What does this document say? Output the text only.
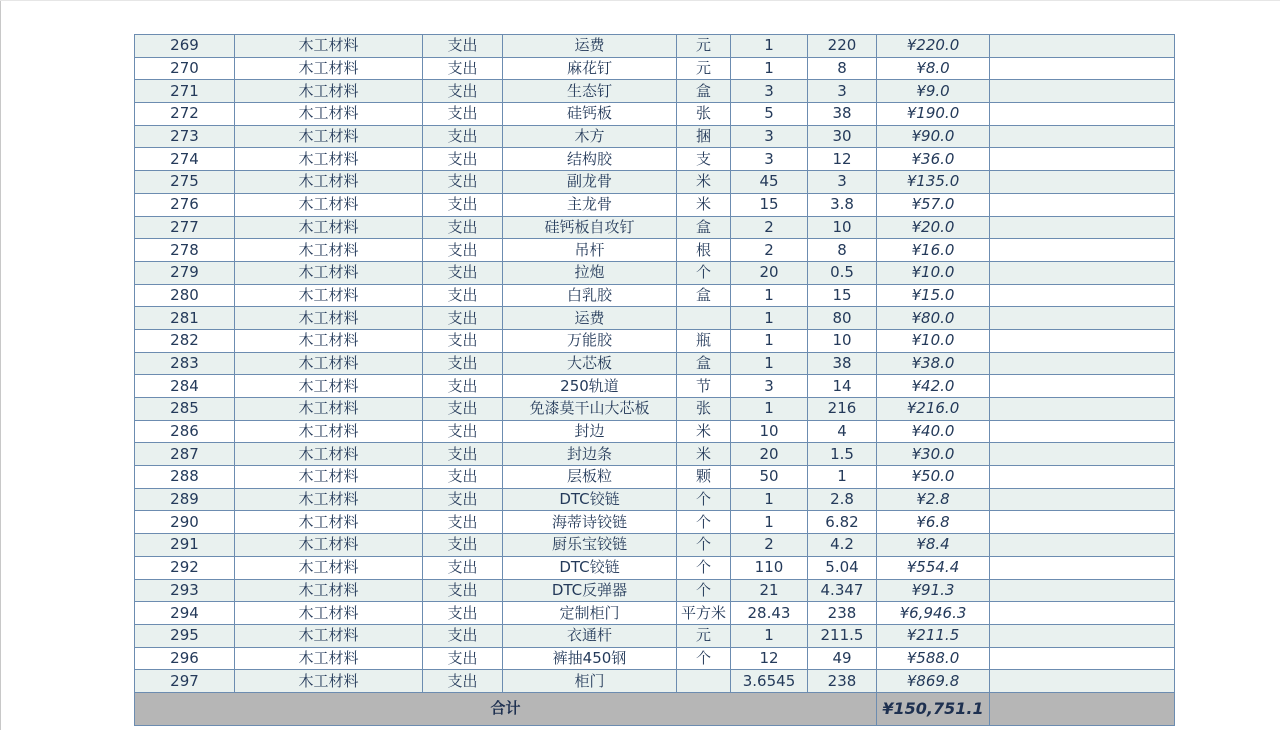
269	木工材料	支出	运费	元	1	220	¥220.0	
270	木工材料	支出	麻花钉	元	1	8	¥8.0	
271	木工材料	支出	生态钉	盒	3	3	¥9.0	
272	木工材料	支出	硅钙板	张	5	38	¥190.0	
273	木工材料	支出	木方	捆	3	30	¥90.0	
274	木工材料	支出	结构胶	支	3	12	¥36.0	
275	木工材料	支出	副龙骨	米	45	3	¥135.0	
276	木工材料	支出	主龙骨	米	15	3.8	¥57.0	
277	木工材料	支出	硅钙板自攻钉	盒	2	10	¥20.0	
278	木工材料	支出	吊杆	根	2	8	¥16.0	
279	木工材料	支出	拉炮	个	20	0.5	¥10.0	
280	木工材料	支出	白乳胶	盒	1	15	¥15.0	
281	木工材料	支出	运费		1	80	¥80.0	
282	木工材料	支出	万能胶	瓶	1	10	¥10.0	
283	木工材料	支出	大芯板	盒	1	38	¥38.0	
284	木工材料	支出	250轨道	节	3	14	¥42.0	
285	木工材料	支出	免漆莫干山大芯板	张	1	216	¥216.0	
286	木工材料	支出	封边	米	10	4	¥40.0	
287	木工材料	支出	封边条	米	20	1.5	¥30.0	
288	木工材料	支出	层板粒	颗	50	1	¥50.0	
289	木工材料	支出	DTC铰链	个	1	2.8	¥2.8	
290	木工材料	支出	海蒂诗铰链	个	1	6.82	¥6.8	
291	木工材料	支出	厨乐宝铰链	个	2	4.2	¥8.4	
292	木工材料	支出	DTC铰链	个	110	5.04	¥554.4	
293	木工材料	支出	DTC反弹器	个	21	4.347	¥91.3	
294	木工材料	支出	定制柜门	平方米	28.43	238	¥6,946.3	
295	木工材料	支出	衣通杆	元	1	211.5	¥211.5	
296	木工材料	支出	裤抽450钢	个	12	49	¥588.0	
297	木工材料	支出	柜门		3.6545	238	¥869.8	
合计							¥150,751.1	
